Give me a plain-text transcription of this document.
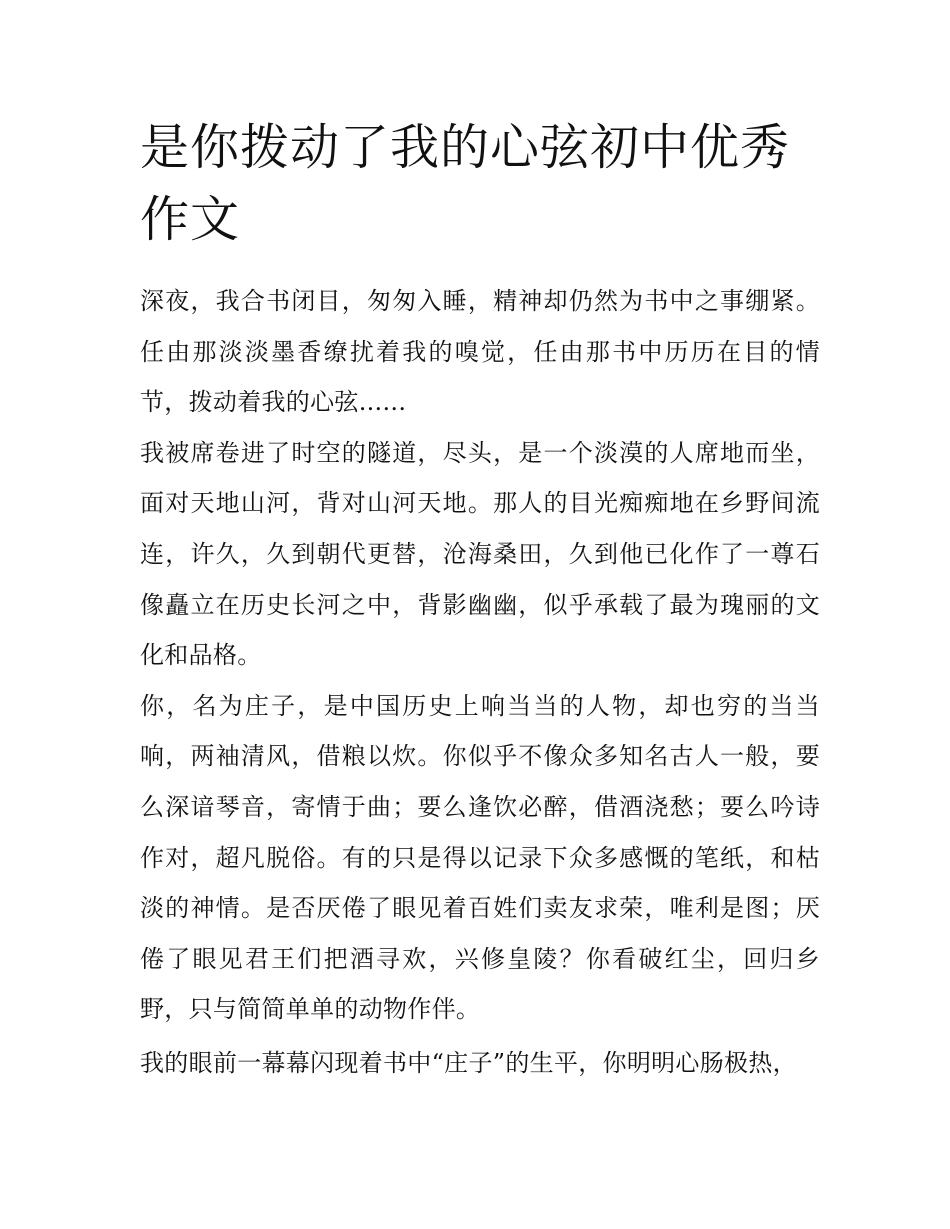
是你拨动了我的心弦初中优秀作文

深夜，我合书闭目，匆匆入睡，精神却仍然为书中之事绷紧。任由那淡淡墨香缭扰着我的嗅觉，任由那书中历历在目的情节，拨动着我的心弦......

我被席卷进了时空的隧道，尽头，是一个淡漠的人席地而坐，面对天地山河，背对山河天地。那人的目光痴痴地在乡野间流连，许久，久到朝代更替，沧海桑田，久到他已化作了一尊石像矗立在历史长河之中，背影幽幽，似乎承载了最为瑰丽的文化和品格。

你，名为庄子，是中国历史上响当当的人物，却也穷的当当响，两袖清风，借粮以炊。你似乎不像众多知名古人一般，要么深谙琴音，寄情于曲；要么逢饮必醉，借酒浇愁；要么吟诗作对，超凡脱俗。有的只是得以记录下众多感慨的笔纸，和枯淡的神情。是否厌倦了眼见着百姓们卖友求荣，唯利是图；厌倦了眼见君王们把酒寻欢，兴修皇陵？你看破红尘，回归乡野，只与简简单单的动物作伴。

我的眼前一幕幕闪现着书中“庄子”的生平，你明明心肠极热，
